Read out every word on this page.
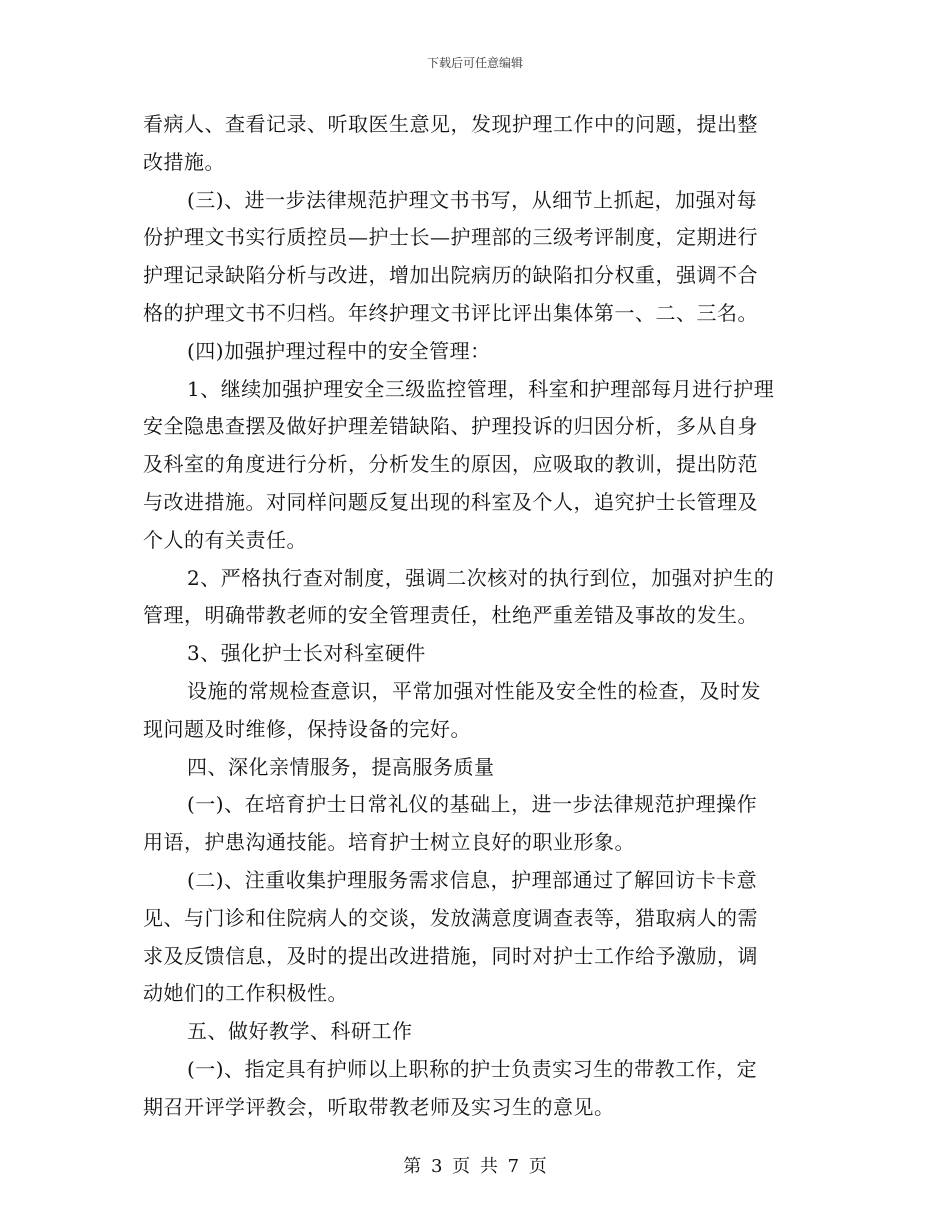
下载后可任意编辑
看病人、查看记录、听取医生意见，发现护理工作中的问题，提出整
改措施。
(三)、进一步法律规范护理文书书写，从细节上抓起，加强对每
份护理文书实行质控员—护士长—护理部的三级考评制度，定期进行
护理记录缺陷分析与改进，增加出院病历的缺陷扣分权重，强调不合
格的护理文书不归档。年终护理文书评比评出集体第一、二、三名。
(四)加强护理过程中的安全管理：
1、继续加强护理安全三级监控管理，科室和护理部每月进行护理
安全隐患查摆及做好护理差错缺陷、护理投诉的归因分析，多从自身
及科室的角度进行分析，分析发生的原因，应吸取的教训，提出防范
与改进措施。对同样问题反复出现的科室及个人，追究护士长管理及
个人的有关责任。
2、严格执行查对制度，强调二次核对的执行到位，加强对护生的
管理，明确带教老师的安全管理责任，杜绝严重差错及事故的发生。
3、强化护士长对科室硬件
设施的常规检查意识，平常加强对性能及安全性的检查，及时发
现问题及时维修，保持设备的完好。
四、深化亲情服务，提高服务质量
(一)、在培育护士日常礼仪的基础上，进一步法律规范护理操作
用语，护患沟通技能。培育护士树立良好的职业形象。
(二)、注重收集护理服务需求信息，护理部通过了解回访卡卡意
见、与门诊和住院病人的交谈，发放满意度调查表等，猎取病人的需
求及反馈信息，及时的提出改进措施，同时对护士工作给予激励，调
动她们的工作积极性。
五、做好教学、科研工作
(一)、指定具有护师以上职称的护士负责实习生的带教工作，定
期召开评学评教会，听取带教老师及实习生的意见。
第 3 页 共 7 页
